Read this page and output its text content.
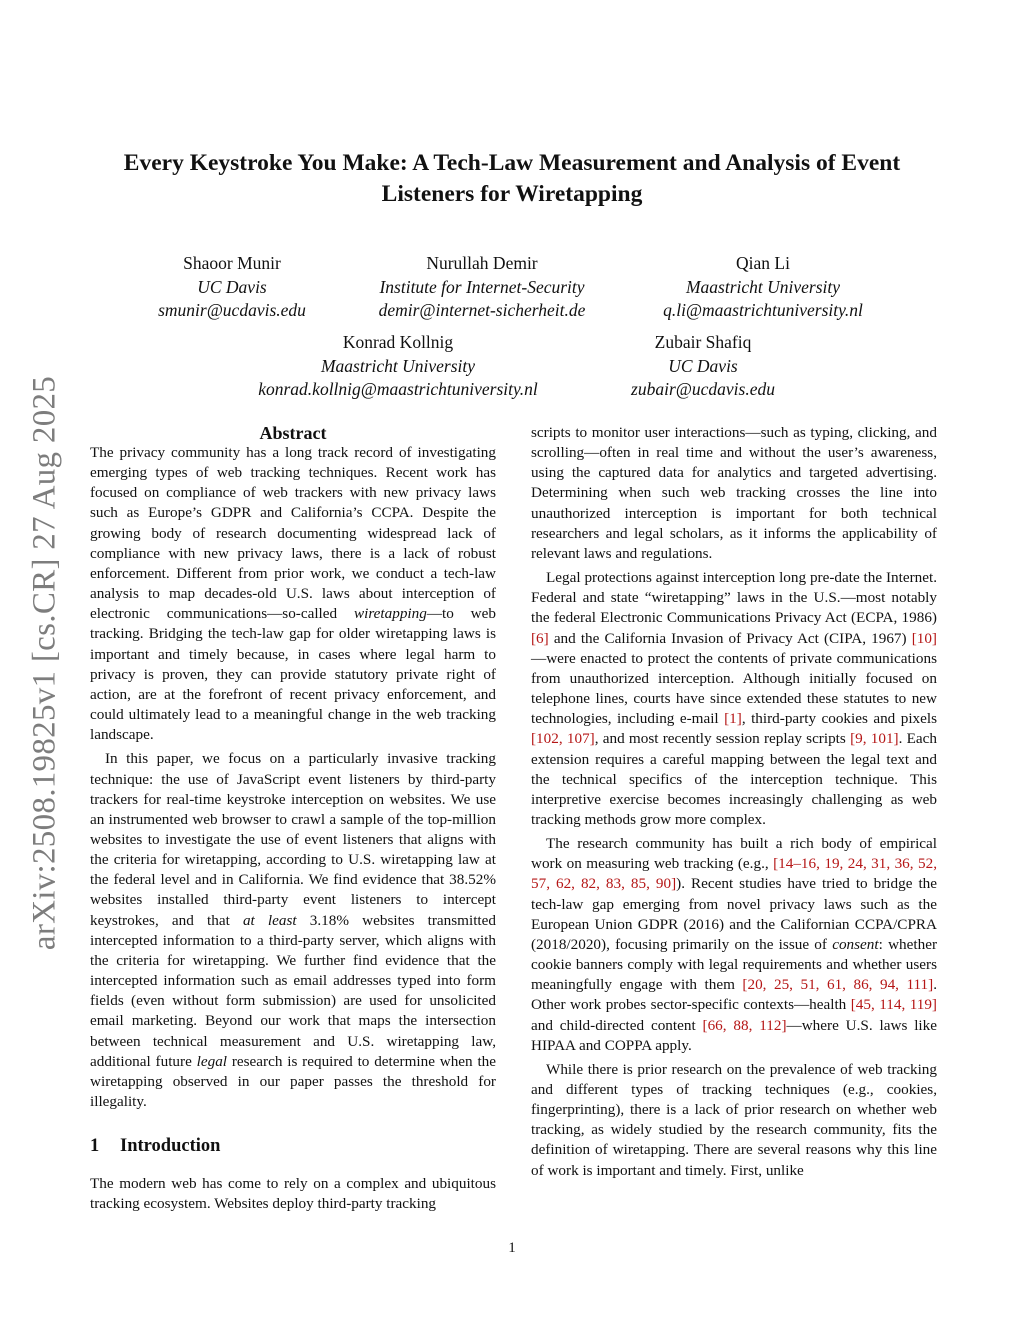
arXiv:2508.19825v1 [cs.CR] 27 Aug 2025
Every Keystroke You Make: A Tech-Law Measurement and Analysis of Event Listeners for Wiretapping
Shaoor Munir
UC Davis
smunir@ucdavis.edu
Nurullah Demir
Institute for Internet-Security
demir@internet-sicherheit.de
Qian Li
Maastricht University
q.li@maastrichtuniversity.nl
Konrad Kollnig
Maastricht University
konrad.kollnig@maastrichtuniversity.nl
Zubair Shafiq
UC Davis
zubair@ucdavis.edu
Abstract

The privacy community has a long track record of investigating emerging types of web tracking techniques. Recent work has focused on compliance of web trackers with new privacy laws such as Europe’s GDPR and California’s CCPA. Despite the growing body of research documenting widespread lack of compliance with new privacy laws, there is a lack of robust enforcement. Different from prior work, we conduct a tech-law analysis to map decades-old U.S. laws about interception of electronic communications—so-called wiretapping—to web tracking. Bridging the tech-law gap for older wiretapping laws is important and timely because, in cases where legal harm to privacy is proven, they can provide statutory private right of action, are at the forefront of recent privacy enforcement, and could ultimately lead to a meaningful change in the web tracking landscape.

In this paper, we focus on a particularly invasive tracking technique: the use of JavaScript event listeners by third-party trackers for real-time keystroke interception on websites. We use an instrumented web browser to crawl a sample of the top-million websites to investigate the use of event listeners that aligns with the criteria for wiretapping, according to U.S. wiretapping law at the federal level and in California. We find evidence that 38.52% websites installed third-party event listeners to intercept keystrokes, and that at least 3.18% websites transmitted intercepted information to a third-party server, which aligns with the criteria for wiretapping. We further find evidence that the intercepted information such as email addresses typed into form fields (even without form submission) are used for unsolicited email marketing. Beyond our work that maps the intersection between technical measurement and U.S. wiretapping law, additional future legal research is required to determine when the wiretapping observed in our paper passes the threshold for illegality.

1 Introduction

The modern web has come to rely on a complex and ubiquitous tracking ecosystem. Websites deploy third-party tracking

scripts to monitor user interactions—such as typing, clicking, and scrolling—often in real time and without the user’s awareness, using the captured data for analytics and targeted advertising. Determining when such web tracking crosses the line into unauthorized interception is important for both technical researchers and legal scholars, as it informs the applicability of relevant laws and regulations.

Legal protections against interception long pre-date the Internet. Federal and state “wiretapping” laws in the U.S.—most notably the federal Electronic Communications Privacy Act (ECPA, 1986) [6] and the California Invasion of Privacy Act (CIPA, 1967) [10]—were enacted to protect the contents of private communications from unauthorized interception. Although initially focused on telephone lines, courts have since extended these statutes to new technologies, including e-mail [1], third-party cookies and pixels [102, 107], and most recently session replay scripts [9, 101]. Each extension requires a careful mapping between the legal text and the technical specifics of the interception technique. This interpretive exercise becomes increasingly challenging as web tracking methods grow more complex.

The research community has built a rich body of empirical work on measuring web tracking (e.g., [14–16, 19, 24, 31, 36, 52, 57, 62, 82, 83, 85, 90]). Recent studies have tried to bridge the tech-law gap emerging from novel privacy laws such as the European Union GDPR (2016) and the Californian CCPA/CPRA (2018/2020), focusing primarily on the issue of consent: whether cookie banners comply with legal requirements and whether users meaningfully engage with them [20, 25, 51, 61, 86, 94, 111]. Other work probes sector-specific contexts—health [45, 114, 119] and child-directed content [66, 88, 112]—where U.S. laws like HIPAA and COPPA apply.

While there is prior research on the prevalence of web tracking and different types of tracking techniques (e.g., cookies, fingerprinting), there is a lack of prior research on whether web tracking, as widely studied by the research community, fits the definition of wiretapping. There are several reasons why this line of work is important and timely. First, unlike

1
